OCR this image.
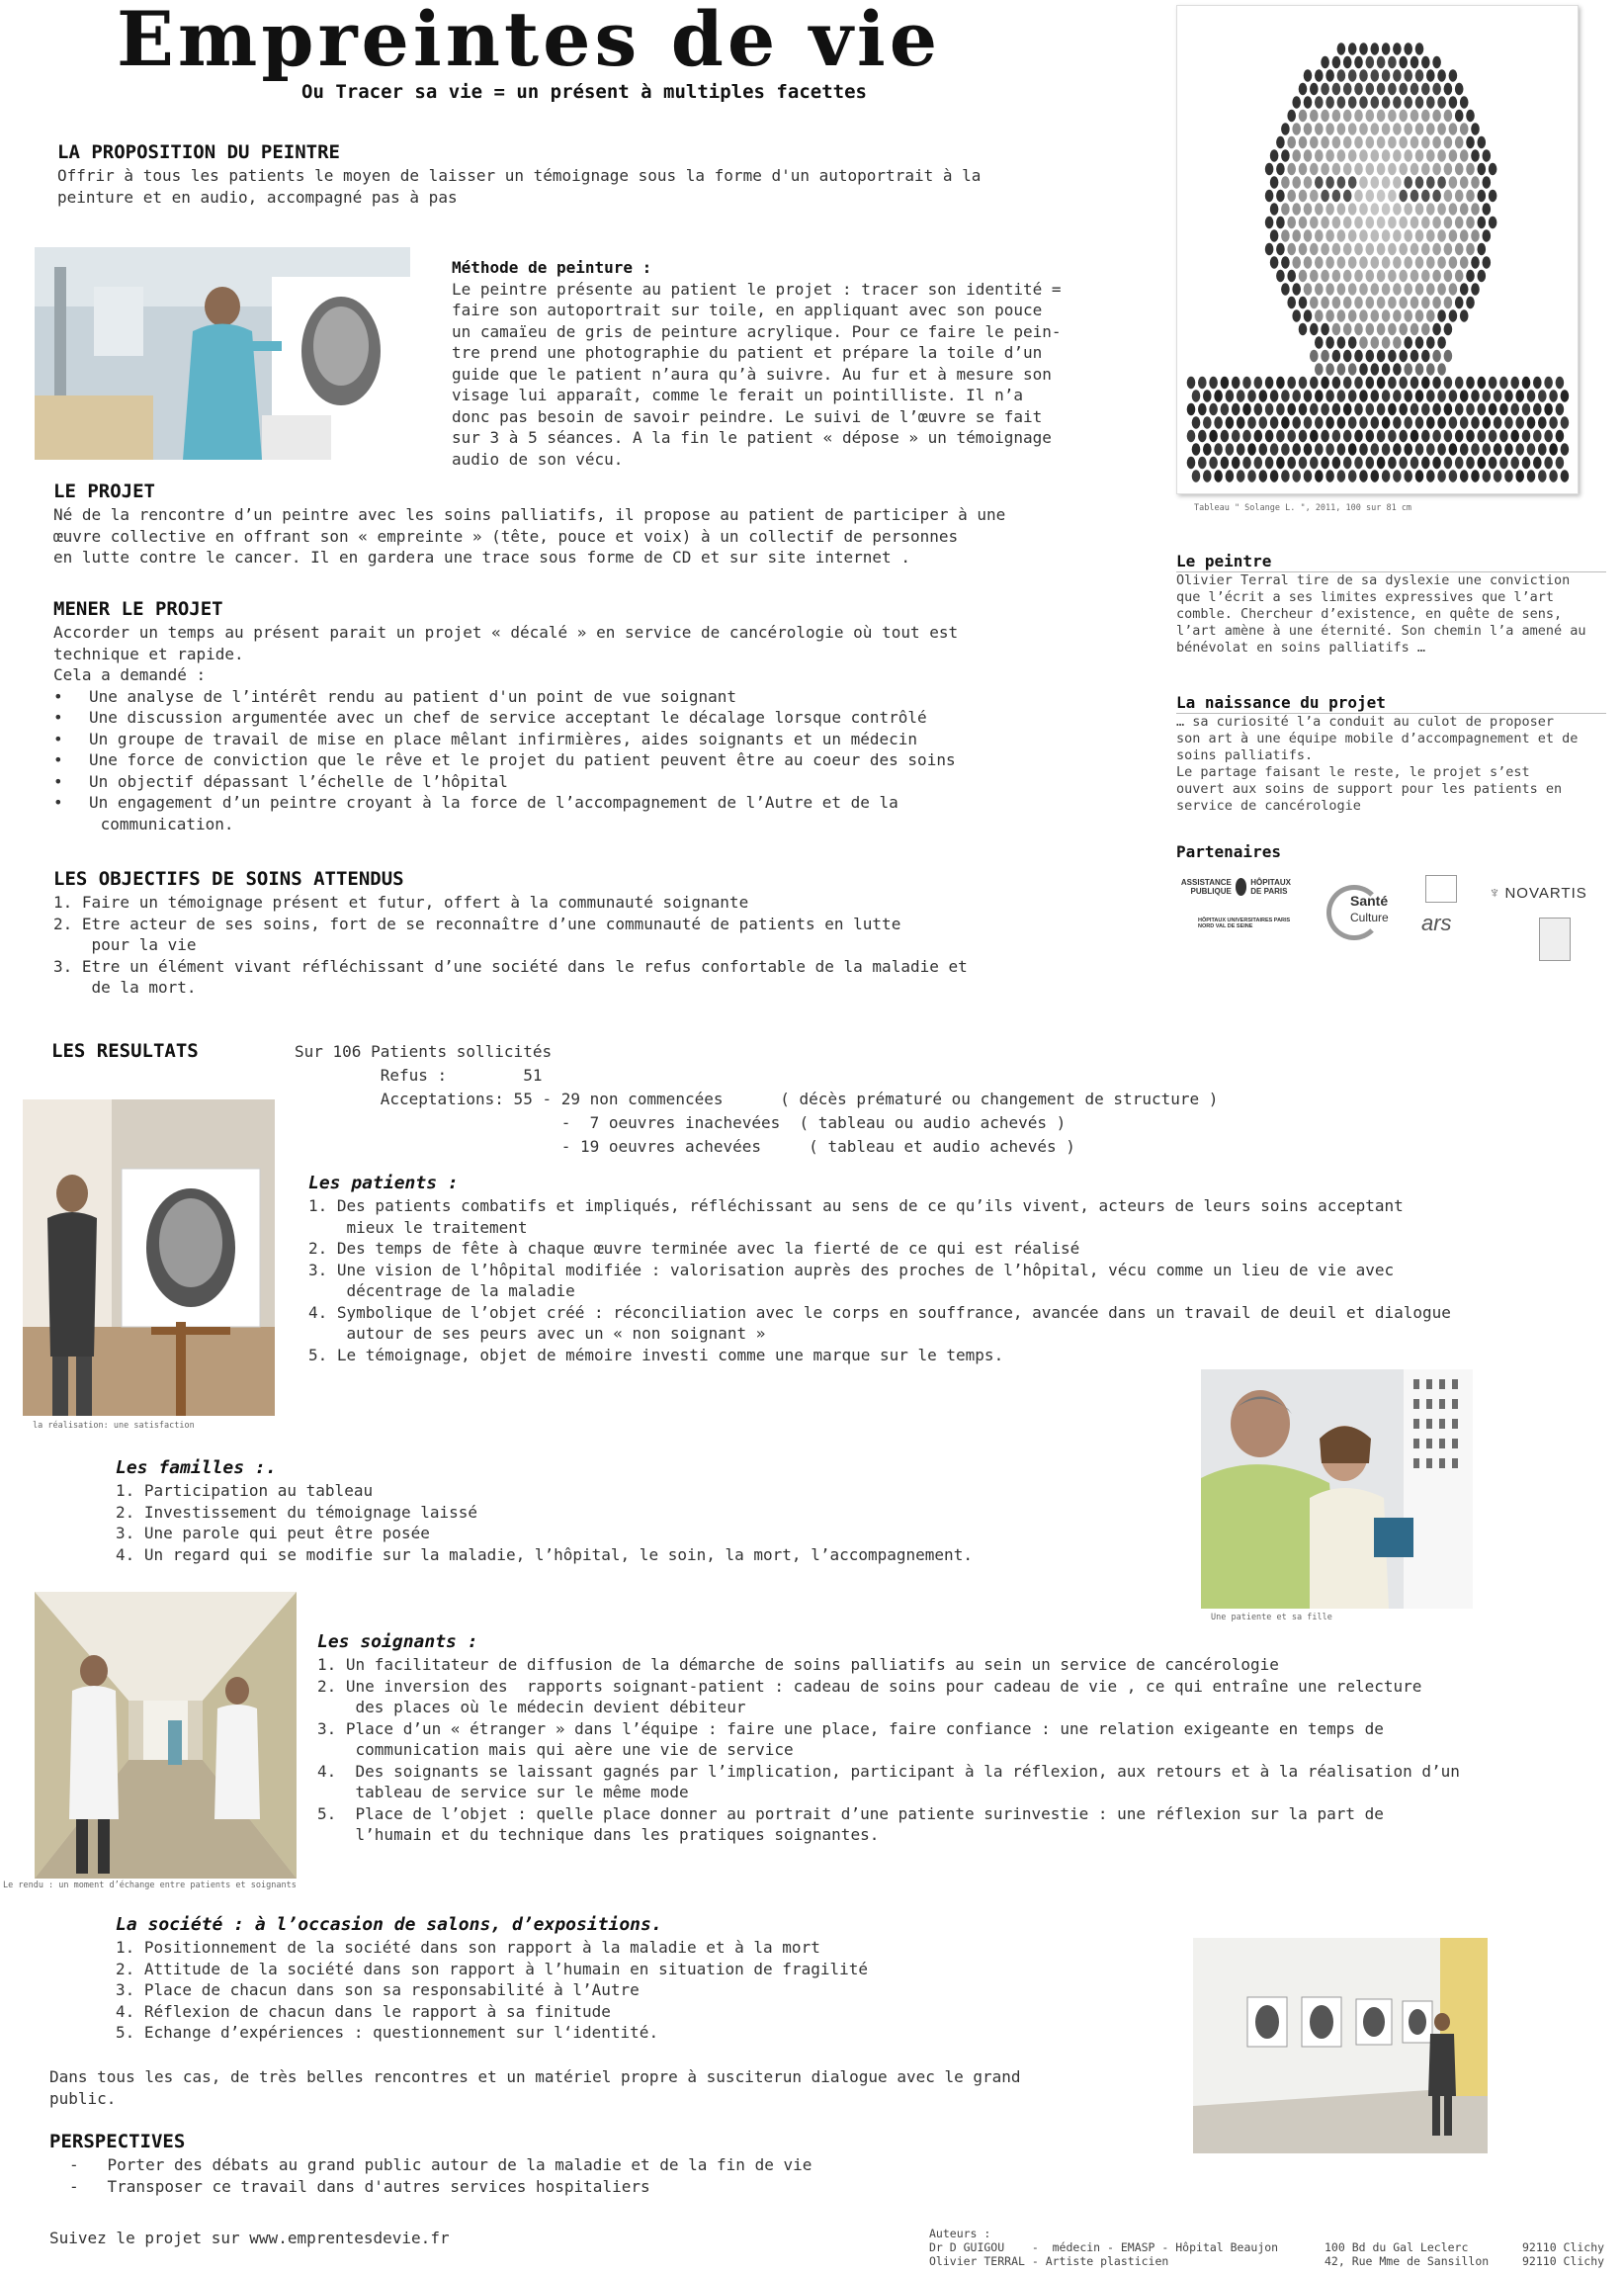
Empreintes de vie
Ou Tracer sa vie = un présent à multiples facettes
LA PROPOSITION DU PEINTRE
Offrir à tous les patients le moyen de laisser un témoignage sous la forme d'un autoportrait à la
peinture et en audio, accompagné pas à pas
Méthode de peinture :
Le peintre présente au patient le projet : tracer son identité =
faire son autoportrait sur toile, en appliquant avec son pouce
un camaïeu de gris de peinture acrylique. Pour ce faire le pein-
tre prend une photographie du patient et prépare la toile d’un
guide que le patient n’aura qu’à suivre. Au fur et à mesure son
visage lui apparaît, comme le ferait un pointilliste. Il n’a
donc pas besoin de savoir peindre. Le suivi de l’œuvre se fait
sur 3 à 5 séances. A la fin le patient « dépose » un témoignage
audio de son vécu.
LE PROJET
Né de la rencontre d’un peintre avec les soins palliatifs, il propose au patient de participer à une
œuvre collective en offrant son « empreinte » (tête, pouce et voix) à un collectif de personnes
en lutte contre le cancer. Il en gardera une trace sous forme de CD et sur site internet .
MENER LE PROJET
Accorder un temps au présent parait un projet « décalé » en service de cancérologie où tout est
technique et rapide.
Cela a demandé :
• Une analyse de l’intérêt rendu au patient d'un point de vue soignant
• Une discussion argumentée avec un chef de service acceptant le décalage lorsque contrôlé
• Un groupe de travail de mise en place mêlant infirmières, aides soignants et un médecin
• Une force de conviction que le rêve et le projet du patient peuvent être au coeur des soins
• Un objectif dépassant l’échelle de l’hôpital
• Un engagement d’un peintre croyant à la force de l’accompagnement de l’Autre et de la
communication.
LES OBJECTIFS DE SOINS ATTENDUS
1. Faire un témoignage présent et futur, offert à la communauté soignante
2. Etre acteur de ses soins, fort de se reconnaître d’une communauté de patients en lutte
pour la vie
3. Etre un élément vivant réfléchissant d’une société dans le refus confortable de la maladie et
de la mort.
LES RESULTATS	Sur 106 Patients sollicités
Refus :        51
Acceptations: 55 - 29 non commencées      ( décès prématuré ou changement de structure )
-  7 oeuvres inachevées  ( tableau ou audio achevés )
- 19 oeuvres achevées     ( tableau et audio achevés )
la réalisation: une satisfaction
Les patients :
1. Des patients combatifs et impliqués, réfléchissant au sens de ce qu’ils vivent, acteurs de leurs soins acceptant
mieux le traitement
2. Des temps de fête à chaque œuvre terminée avec la fierté de ce qui est réalisé
3. Une vision de l’hôpital modifiée : valorisation auprès des proches de l’hôpital, vécu comme un lieu de vie avec
décentrage de la maladie
4. Symbolique de l’objet créé : réconciliation avec le corps en souffrance, avancée dans un travail de deuil et dialogue
autour de ses peurs avec un « non soignant »
5. Le témoignage, objet de mémoire investi comme une marque sur le temps.
Une patiente et sa fille
Les familles :.
1. Participation au tableau
2. Investissement du témoignage laissé
3. Une parole qui peut être posée
4. Un regard qui se modifie sur la maladie, l’hôpital, le soin, la mort, l’accompagnement.
Le rendu : un moment d’échange entre patients et soignants
Les soignants :
1. Un facilitateur de diffusion de la démarche de soins palliatifs au sein un service de cancérologie
2. Une inversion des  rapports soignant-patient : cadeau de soins pour cadeau de vie , ce qui entraîne une relecture
des places où le médecin devient débiteur
3. Place d’un « étranger » dans l’équipe : faire une place, faire confiance : une relation exigeante en temps de
communication mais qui aère une vie de service
4.  Des soignants se laissant gagnés par l’implication, participant à la réflexion, aux retours et à la réalisation d’un
tableau de service sur le même mode
5.  Place de l’objet : quelle place donner au portrait d’une patiente surinvestie : une réflexion sur la part de
l’humain et du technique dans les pratiques soignantes.
La société : à l’occasion de salons, d’expositions.
1. Positionnement de la société dans son rapport à la maladie et à la mort
2. Attitude de la société dans son rapport à l’humain en situation de fragilité
3. Place de chacun dans son sa responsabilité à l’Autre
4. Réflexion de chacun dans le rapport à sa finitude
5. Echange d’expériences : questionnement sur l‘identité.
Dans tous les cas, de très belles rencontres et un matériel propre à susciterun dialogue avec le grand
public.
PERSPECTIVES
-   Porter des débats au grand public autour de la maladie et de la fin de vie
-   Transposer ce travail dans d'autres services hospitaliers
Suivez le projet sur www.emprentesdevie.fr	Auteurs :
Dr D GUIGOU    -  médecin - EMASP - Hôpital Beaujon	100 Bd du Gal Leclerc	92110 Clichy
Olivier TERRAL - Artiste plasticien	42, Rue Mme de Sansillon	92110 Clichy
Tableau " Solange L. ", 2011, 100 sur 81 cm
Le peintre
Olivier Terral tire de sa dyslexie une conviction
que l’écrit a ses limites expressives que l’art
comble. Chercheur d’existence, en quête de sens,
l’art amène à une éternité. Son chemin l’a amené au
bénévolat en soins palliatifs …
La naissance du projet
… sa curiosité l’a conduit au culot de proposer
son art à une équipe mobile d’accompagnement et de
soins palliatifs.
Le partage faisant le reste, le projet s’est
ouvert aux soins de support pour les patients en
service de cancérologie
Partenaires
ASSISTANCE PUBLIQUE
HÔPITAUX DE PARIS
HÔPITAUX UNIVERSITAIRES PARIS NORD VAL DE SEINE
Santé
Culture ars
♆ NOVARTIS
